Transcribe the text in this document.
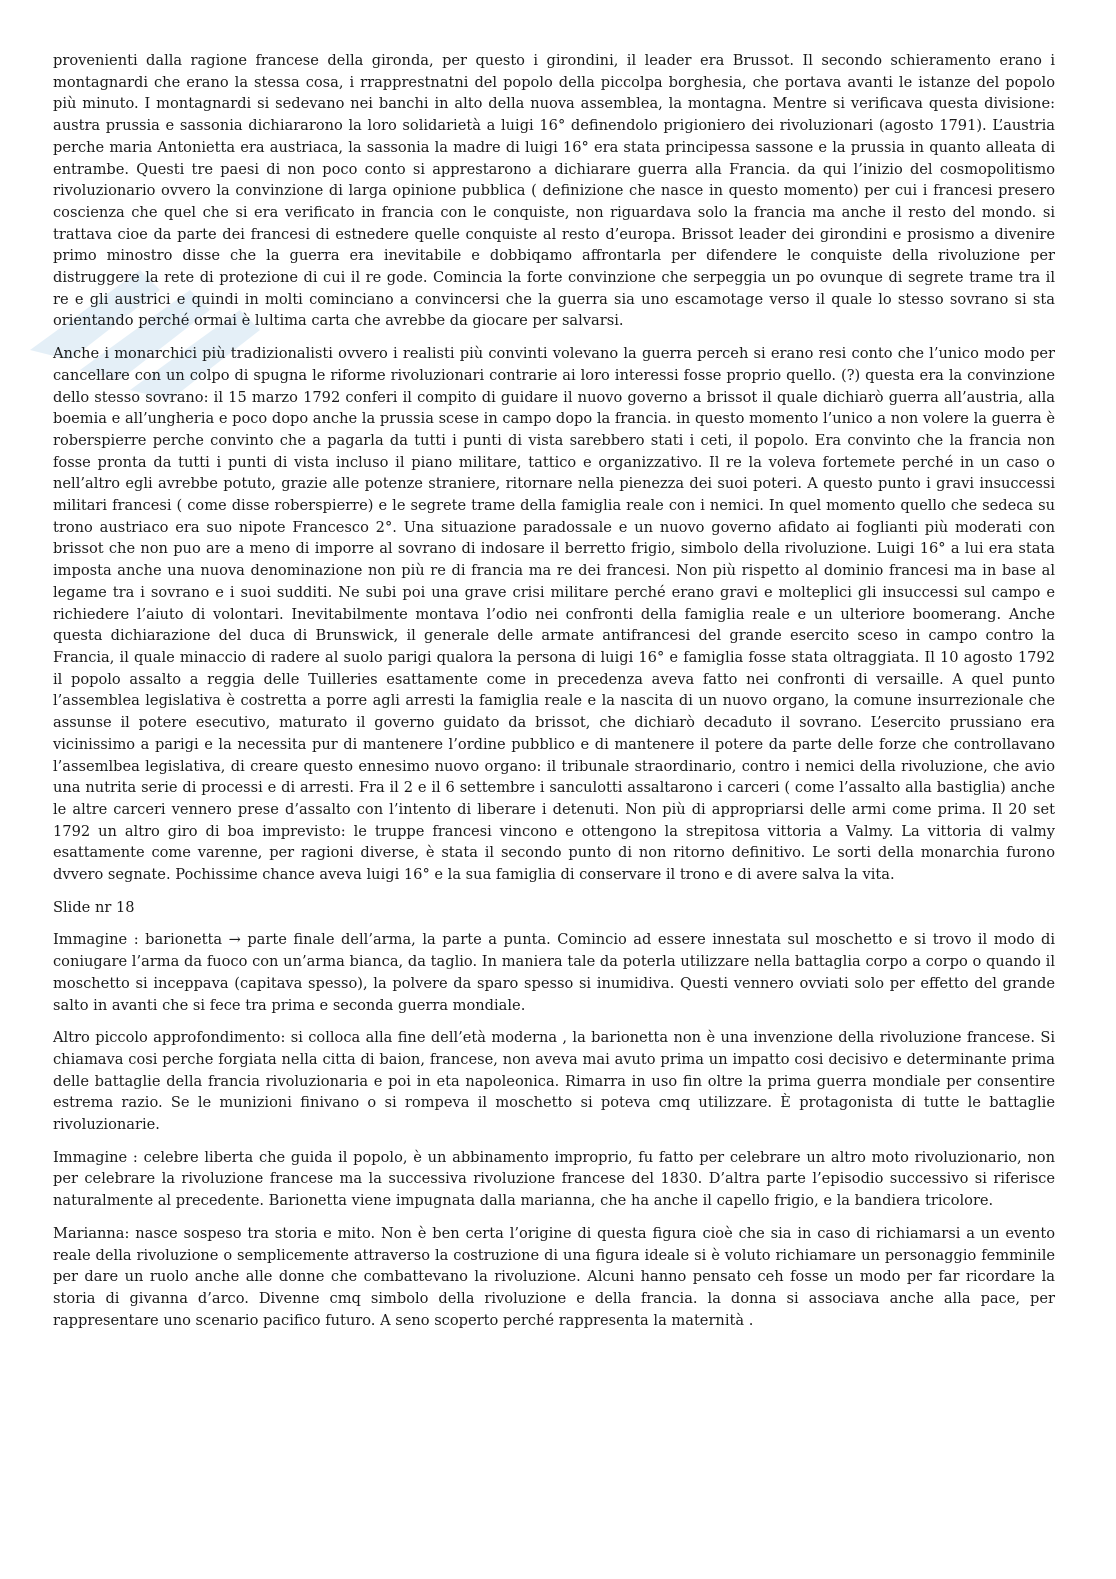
provenienti dalla ragione francese della gironda, per questo i girondini, il leader era Brussot. Il secondo schieramento erano i montagnardi che erano la stessa cosa, i rrapprestnatni del popolo della piccolpa borghesia, che portava avanti le istanze del popolo più minuto. I montagnardi si sedevano nei banchi in alto della nuova assemblea, la montagna. Mentre si verificava questa divisione: austra prussia e sassonia dichiararono la loro solidarietà a luigi 16° definendolo prigioniero dei rivoluzionari (agosto 1791). L’austria perche maria Antonietta era austriaca, la sassonia la madre di luigi 16° era stata principessa sassone e la prussia in quanto alleata di entrambe. Questi tre paesi di non poco conto si apprestarono a dichiarare guerra alla Francia. da qui l’inizio del cosmopolitismo rivoluzionario ovvero la convinzione di larga opinione pubblica ( definizione che nasce in questo momento) per cui i francesi presero coscienza che quel che si era verificato in francia con le conquiste, non riguardava solo la francia ma anche il resto del mondo. si trattava cioe da parte dei francesi di estnedere quelle conquiste al resto d’europa. Brissot leader dei girondini e prosismo a divenire primo minostro disse che la guerra era inevitabile e dobbiqamo affrontarla per difendere le conquiste della rivoluzione per distruggere la rete di protezione di cui il re gode. Comincia la forte convinzione che serpeggia un po ovunque di segrete trame tra il re e gli austrici e quindi in molti cominciano a convincersi che la guerra sia uno escamotage verso il quale lo stesso sovrano si sta orientando perché ormai è lultima carta che avrebbe da giocare per salvarsi.

Anche i monarchici più tradizionalisti ovvero i realisti più convinti volevano la guerra perceh si erano resi conto che l’unico modo per cancellare con un colpo di spugna le riforme rivoluzionari contrarie ai loro interessi fosse proprio quello. (?) questa era la convinzione dello stesso sovrano: il 15 marzo 1792 conferi il compito di guidare il nuovo governo a brissot il quale dichiarò guerra all’austria, alla boemia e all’ungheria e poco dopo anche la prussia scese in campo dopo la francia. in questo momento l’unico a non volere la guerra è roberspierre perche convinto che a pagarla da tutti i punti di vista sarebbero stati i ceti, il popolo. Era convinto che la francia non fosse pronta da tutti i punti di vista incluso il piano militare, tattico e organizzativo. Il re la voleva fortemete perché in un caso o nell’altro egli avrebbe potuto, grazie alle potenze straniere, ritornare nella pienezza dei suoi poteri. A questo punto i gravi insuccessi militari francesi ( come disse roberspierre) e le segrete trame della famiglia reale con i nemici. In quel momento quello che sedeca su trono austriaco era suo nipote Francesco 2°. Una situazione paradossale e un nuovo governo afidato ai foglianti più moderati con brissot che non puo are a meno di imporre al sovrano di indosare il berretto frigio, simbolo della rivoluzione. Luigi 16° a lui era stata imposta anche una nuova denominazione non più re di francia ma re dei francesi. Non più rispetto al dominio francesi ma in base al legame tra i sovrano e i suoi sudditi. Ne subi poi una grave crisi militare perché erano gravi e molteplici gli insuccessi sul campo e richiedere l’aiuto di volontari. Inevitabilmente montava l’odio nei confronti della famiglia reale e un ulteriore boomerang. Anche questa dichiarazione del duca di Brunswick, il generale delle armate antifrancesi del grande esercito sceso in campo contro la Francia, il quale minaccio di radere al suolo parigi qualora la persona di luigi 16° e famiglia fosse stata oltraggiata. Il 10 agosto 1792 il popolo assalto a reggia delle Tuilleries esattamente come in precedenza aveva fatto nei confronti di versaille. A quel punto l’assemblea legislativa è costretta a porre agli arresti la famiglia reale e la nascita di un nuovo organo, la comune insurrezionale che assunse il potere esecutivo, maturato il governo guidato da brissot, che dichiarò decaduto il sovrano. L’esercito prussiano era vicinissimo a parigi e la necessita pur di mantenere l’ordine pubblico e di mantenere il potere da parte delle forze che controllavano l’assemlbea legislativa, di creare questo ennesimo nuovo organo: il tribunale straordinario, contro i nemici della rivoluzione, che avio una nutrita serie di processi e di arresti. Fra il 2 e il 6 settembre i sanculotti assaltarono i carceri ( come l’assalto alla bastiglia) anche le altre carceri vennero prese d’assalto con l’intento di liberare i detenuti. Non più di appropriarsi delle armi come prima. Il 20 set 1792 un altro giro di boa imprevisto: le truppe francesi vincono e ottengono la strepitosa vittoria a Valmy. La vittoria di valmy esattamente come varenne, per ragioni diverse, è stata il secondo punto di non ritorno definitivo. Le sorti della monarchia furono dvvero segnate. Pochissime chance aveva luigi 16° e la sua famiglia di conservare il trono e di avere salva la vita.

Slide nr 18

Immagine : barionetta → parte finale dell’arma, la parte a punta. Comincio ad essere innestata sul moschetto e si trovo il modo di coniugare l’arma da fuoco con un’arma bianca, da taglio. In maniera tale da poterla utilizzare nella battaglia corpo a corpo o quando il moschetto si inceppava (capitava spesso), la polvere da sparo spesso si inumidiva. Questi vennero ovviati solo per effetto del grande salto in avanti che si fece tra prima e seconda guerra mondiale.

Altro piccolo approfondimento: si colloca alla fine dell’età moderna , la barionetta non è una invenzione della rivoluzione francese. Si chiamava cosi perche forgiata nella citta di baion, francese, non aveva mai avuto prima un impatto cosi decisivo e determinante prima delle battaglie della francia rivoluzionaria e poi in eta napoleonica. Rimarra in uso fin oltre la prima guerra mondiale per consentire estrema razio. Se le munizioni finivano o si rompeva il moschetto si poteva cmq utilizzare. È protagonista di tutte le battaglie rivoluzionarie.

Immagine : celebre liberta che guida il popolo, è un abbinamento improprio, fu fatto per celebrare un altro moto rivoluzionario, non per celebrare la rivoluzione francese ma la successiva rivoluzione francese del 1830. D’altra parte l’episodio successivo si riferisce naturalmente al precedente. Barionetta viene impugnata dalla marianna, che ha anche il capello frigio, e la bandiera tricolore.

Marianna: nasce sospeso tra storia e mito. Non è ben certa l’origine di questa figura cioè che sia in caso di richiamarsi a un evento reale della rivoluzione o semplicemente attraverso la costruzione di una figura ideale si è voluto richiamare un personaggio femminile per dare un ruolo anche alle donne che combattevano la rivoluzione. Alcuni hanno pensato ceh fosse un modo per far ricordare la storia di givanna d’arco. Divenne cmq simbolo della rivoluzione e della francia. la donna si associava anche alla pace, per rappresentare uno scenario pacifico futuro. A seno scoperto perché rappresenta la maternità .
